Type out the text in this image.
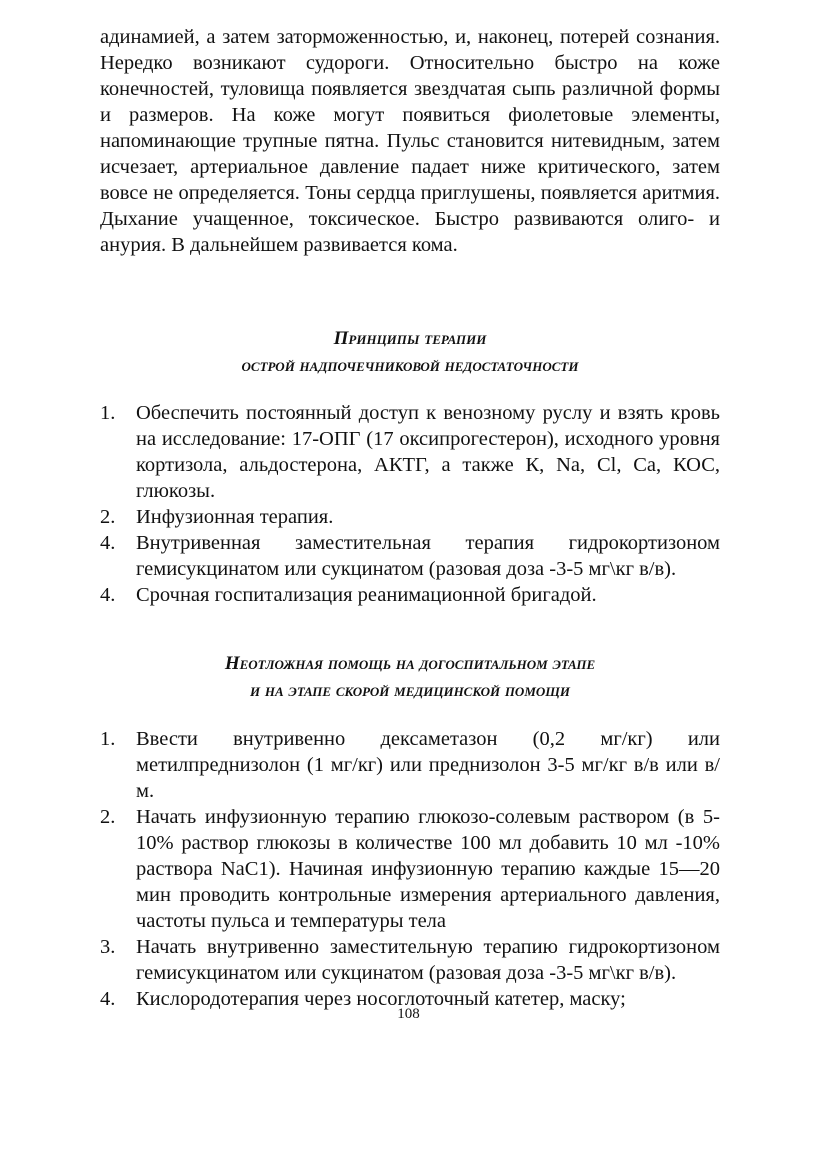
адинамией, а затем заторможенностью, и, наконец, потерей сознания. Нередко возникают судороги. Относительно быстро на коже конечностей, туловища появляется звездчатая сыпь различной формы и размеров. На коже могут появиться фиолетовые элементы, напоминающие трупные пятна. Пульс становится нитевидным, затем исчезает, артериальное давление падает ниже критического, затем вовсе не определяется. Тоны сердца приглушены, появляется аритмия. Дыхание учащенное, токсическое. Быстро развиваются олиго- и анурия. В дальнейшем развивается кома.

Принципы терапии
острой надпочечниковой недостаточности
1.	Обеспечить постоянный доступ к венозному руслу и взять кровь на исследование: 17-ОПГ (17 оксипрогестерон), исходного уровня кортизола, альдостерона, АКТГ, а также К, Na, Cl, Са, КОС, глюкозы.
2.	Инфузионная терапия.
4.	Внутривенная заместительная терапия гидрокортизоном гемисукцинатом или сукцинатом (разовая доза -3-5 мг\кг в/в).
4.	Срочная госпитализация реанимационной бригадой.
Неотложная помощь на догоспитальном этапе
и на этапе скорой медицинской помощи
1.	Ввести внутривенно дексаметазон (0,2 мг/кг) или метилпреднизолон (1 мг/кг) или преднизолон 3-5 мг/кг в/в или в/м.
2.	Начать инфузионную терапию глюкозо-солевым раствором (в 5-10% раствор глюкозы в количестве 100 мл добавить 10 мл -10% раствора NaC1). Начиная инфузионную терапию каждые 15—20 мин проводить контрольные измерения артериального давления, частоты пульса и температуры тела
3.	Начать внутривенно заместительную терапию гидрокортизоном гемисукцинатом или сукцинатом (разовая доза -3-5 мг\кг в/в).
4.	Кислородотерапия через носоглоточный катетер, маску;
108
